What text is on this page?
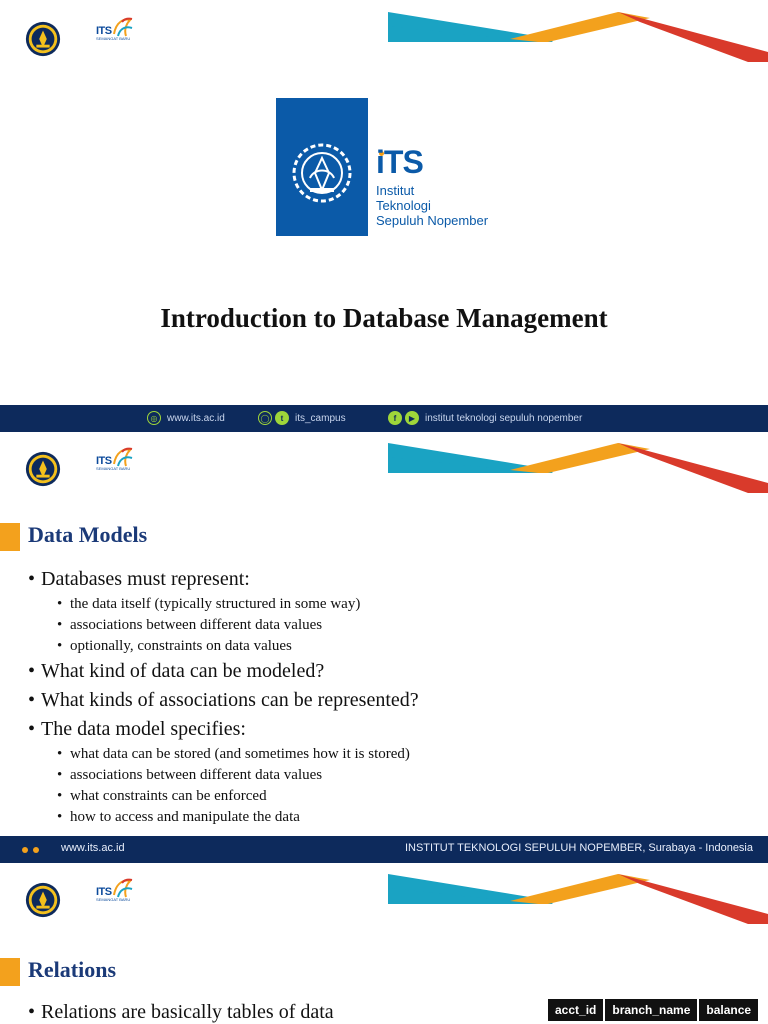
ITS
SEMANGAT BARU
iTS
Institut
Teknologi
Sepuluh Nopember
Introduction to Database Management
◎ www.its.ac.id	◯	t	its_campus	f	▶ institut teknologi sepuluh nopember
ITS
SEMANGAT BARU
Data Models
• Databases must represent:
• the data itself (typically structured in some way)
• associations between different data values
• optionally, constraints on data values
• What kind of data can be modeled?
• What kinds of associations can be represented?
• The data model specifies:
• what data can be stored (and sometimes how it is stored)
• associations between different data values
• what constraints can be enforced
• how to access and manipulate the data
www.its.ac.id	INSTITUT TEKNOLOGI SEPULUH NOPEMBER, Surabaya - Indonesia
ITS
SEMANGAT BARU
Relations
• Relations are basically tables of data	acct_id	branch_name	balance
